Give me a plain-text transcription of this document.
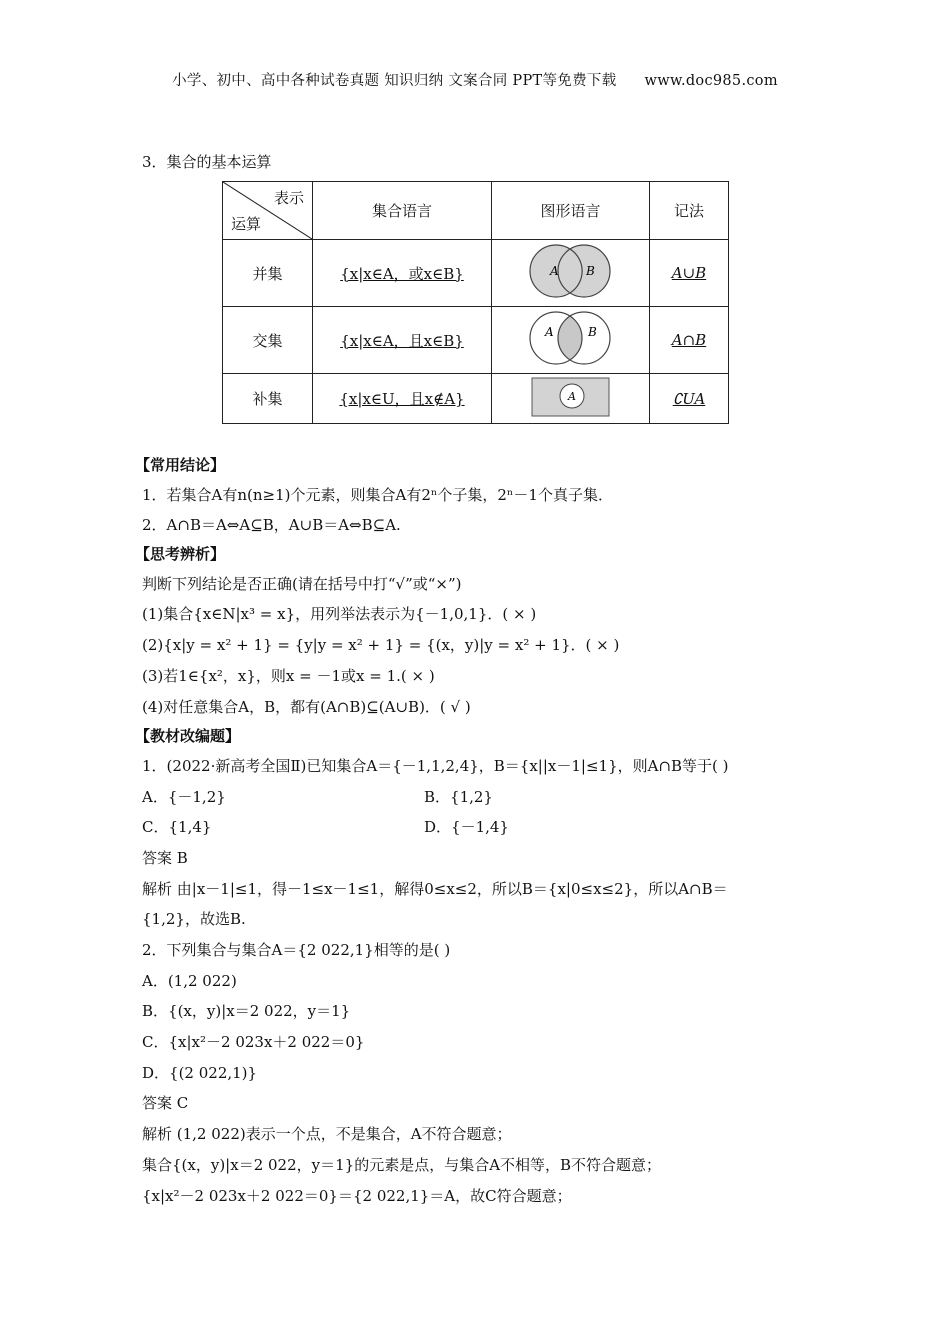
小学、初中、高中各种试卷真题 知识归纳 文案合同 PPT等免费下载 www.doc985.com
3．集合的基本运算
表示
运算	集合语言	图形语言	记法
并集	{x|x∈A，或x∈B}	A B	A∪B
交集	{x|x∈A，且x∈B}	A B	A∩B
补集	{x|x∈U，且x∉A}	A	∁UA
【常用结论】
1．若集合A有n(n≥1)个元素，则集合A有2ⁿ个子集，2ⁿ－1个真子集．
2．A∩B＝A⇔A⊆B，A∪B＝A⇔B⊆A.
【思考辨析】
判断下列结论是否正确(请在括号中打“√”或“×”)
(1)集合{x∈N|x³ = x}，用列举法表示为{－1,0,1}．( × )
(2){x|y = x² + 1} = {y|y = x² + 1} = {(x，y)|y = x² + 1}．( × )
(3)若1∈{x²，x}，则x = －1或x = 1.( × )
(4)对任意集合A，B，都有(A∩B)⊆(A∪B)．( √ )
【教材改编题】
1．(2022·新高考全国Ⅱ)已知集合A＝{－1,1,2,4}，B＝{x||x－1|≤1}，则A∩B等于( )
A．{－1,2}	B．{1,2}
C．{1,4}	D．{－1,4}
答案 B
解析 由|x－1|≤1，得－1≤x－1≤1，解得0≤x≤2，所以B＝{x|0≤x≤2}，所以A∩B＝
{1,2}，故选B.
2．下列集合与集合A＝{2 022,1}相等的是( )
A．(1,2 022)
B．{(x，y)|x＝2 022，y＝1}
C．{x|x²－2 023x＋2 022＝0}
D．{(2 022,1)}
答案 C
解析 (1,2 022)表示一个点，不是集合，A不符合题意；
集合{(x，y)|x＝2 022，y＝1}的元素是点，与集合A不相等，B不符合题意；
{x|x²－2 023x＋2 022＝0}＝{2 022,1}＝A，故C符合题意；
